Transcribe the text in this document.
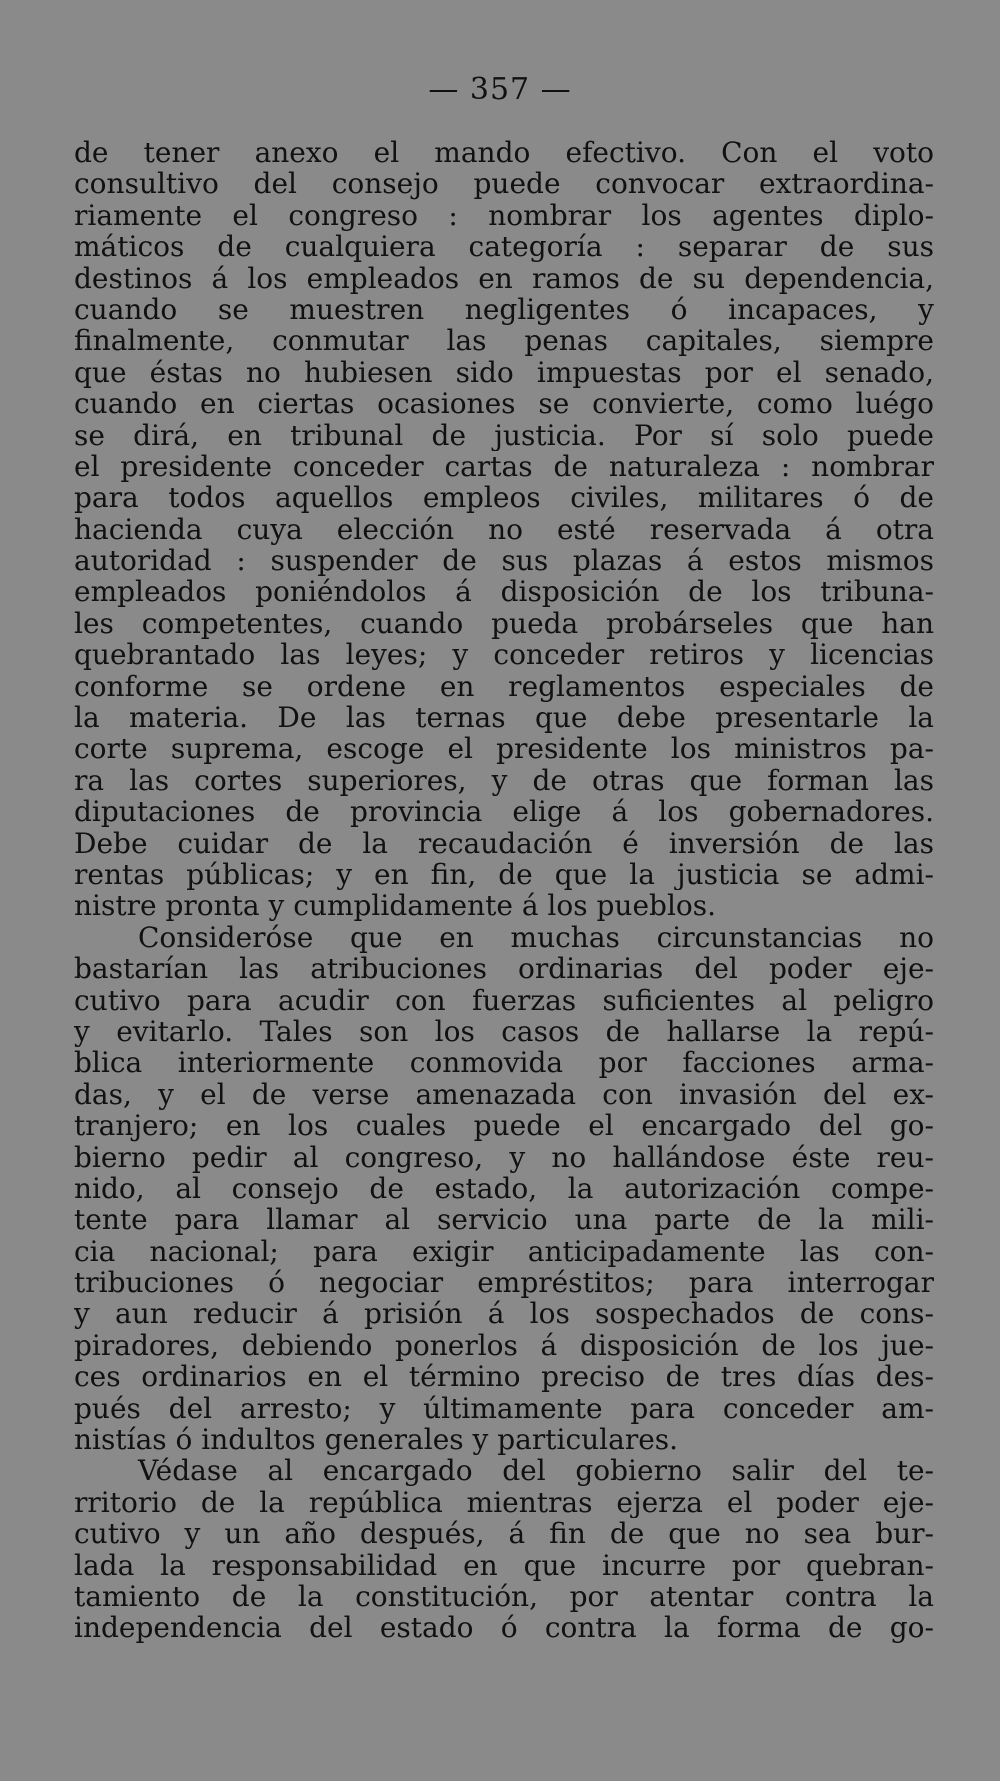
— 357 —
de tener anexo el mando efectivo. Con el voto
consultivo del consejo puede convocar extraordina-
riamente el congreso : nombrar los agentes diplo-
máticos de cualquiera categoría : separar de sus
destinos á los empleados en ramos de su dependencia,
cuando se muestren negligentes ó incapaces, y
finalmente, conmutar las penas capitales, siempre
que éstas no hubiesen sido impuestas por el senado,
cuando en ciertas ocasiones se convierte, como luégo
se dirá, en tribunal de justicia. Por sí solo puede
el presidente conceder cartas de naturaleza : nombrar
para todos aquellos empleos civiles, militares ó de
hacienda cuya elección no esté reservada á otra
autoridad : suspender de sus plazas á estos mismos
empleados poniéndolos á disposición de los tribuna-
les competentes, cuando pueda probárseles que han
quebrantado las leyes; y conceder retiros y licencias
conforme se ordene en reglamentos especiales de
la materia. De las ternas que debe presentarle la
corte suprema, escoge el presidente los ministros pa-
ra las cortes superiores, y de otras que forman las
diputaciones de provincia elige á los gobernadores.
Debe cuidar de la recaudación é inversión de las
rentas públicas; y en fin, de que la justicia se admi-
nistre pronta y cumplidamente á los pueblos.
Consideróse que en muchas circunstancias no
bastarían las atribuciones ordinarias del poder eje-
cutivo para acudir con fuerzas suficientes al peligro
y evitarlo. Tales son los casos de hallarse la repú-
blica interiormente conmovida por facciones arma-
das, y el de verse amenazada con invasión del ex-
tranjero; en los cuales puede el encargado del go-
bierno pedir al congreso, y no hallándose éste reu-
nido, al consejo de estado, la autorización compe-
tente para llamar al servicio una parte de la mili-
cia nacional; para exigir anticipadamente las con-
tribuciones ó negociar empréstitos; para interrogar
y aun reducir á prisión á los sospechados de cons-
piradores, debiendo ponerlos á disposición de los jue-
ces ordinarios en el término preciso de tres días des-
pués del arresto; y últimamente para conceder am-
nistías ó indultos generales y particulares.
Védase al encargado del gobierno salir del te-
rritorio de la república mientras ejerza el poder eje-
cutivo y un año después, á fin de que no sea bur-
lada la responsabilidad en que incurre por quebran-
tamiento de la constitución, por atentar contra la
independencia del estado ó contra la forma de go-
